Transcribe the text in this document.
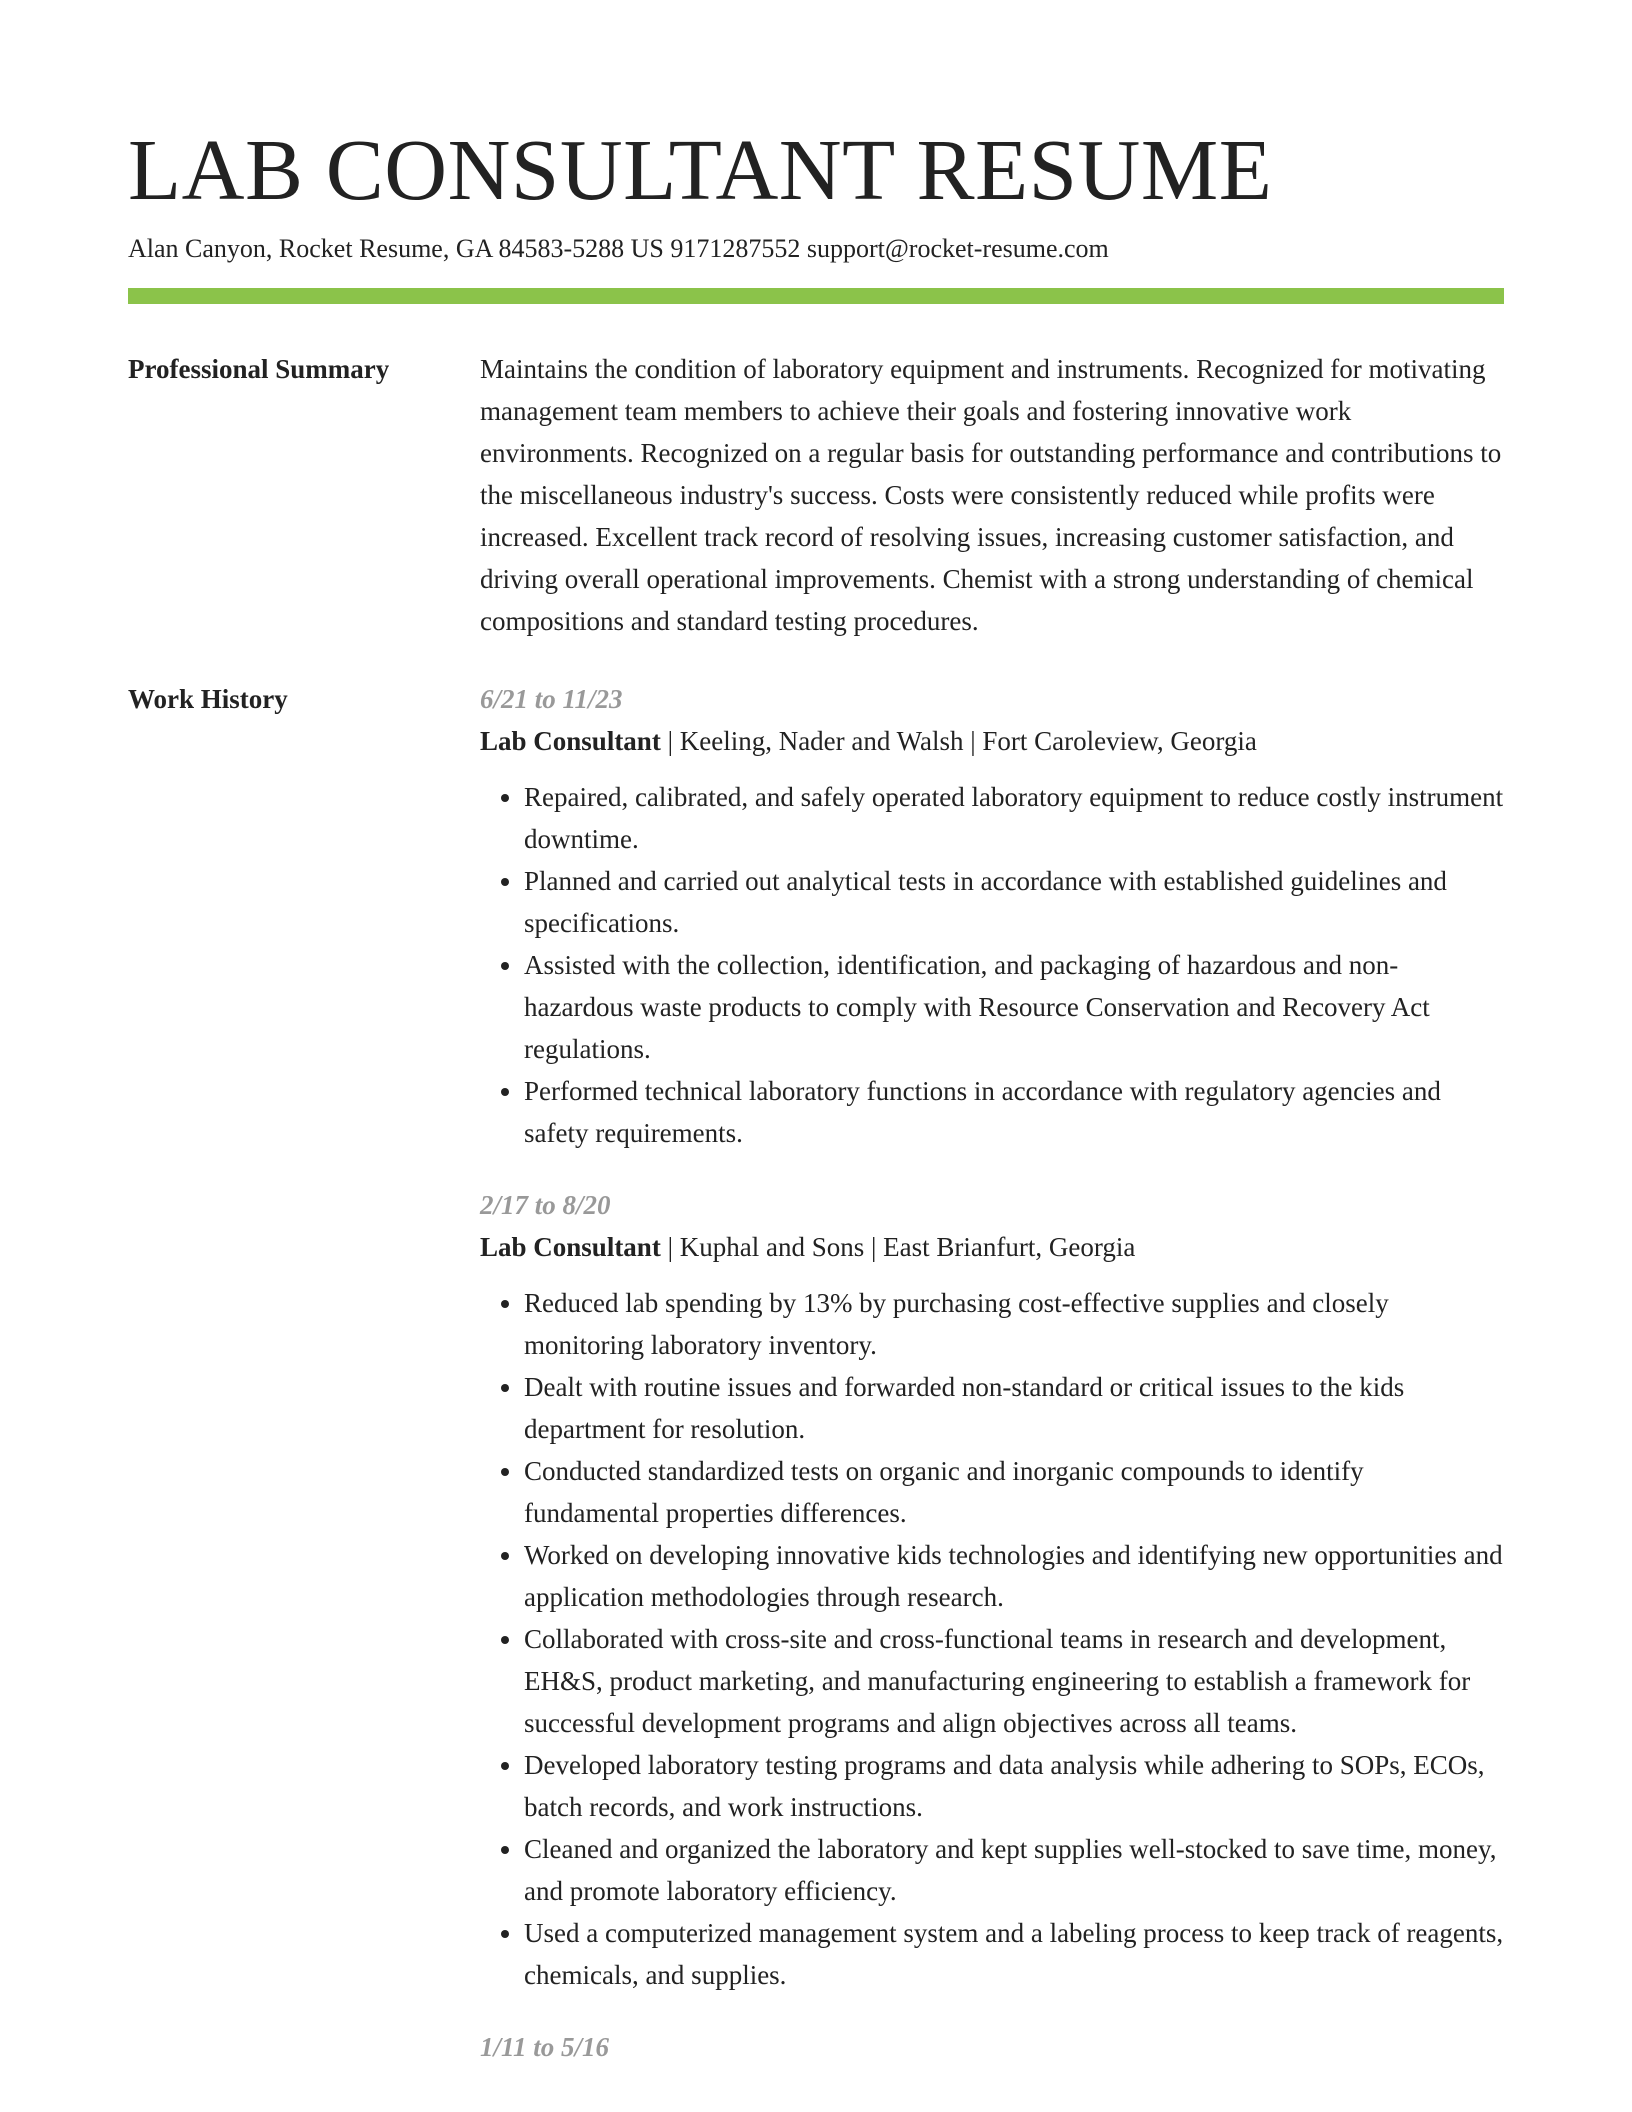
LAB CONSULTANT RESUME
Alan Canyon, Rocket Resume, GA 84583-5288 US 9171287552 support@rocket-resume.com
Professional Summary	Maintains the condition of laboratory equipment and instruments. Recognized for motivating management team members to achieve their goals and fostering innovative work environments. Recognized on a regular basis for outstanding performance and contributions to the miscellaneous industry's success. Costs were consistently reduced while profits were increased. Excellent track record of resolving issues, increasing customer satisfaction, and driving overall operational improvements. Chemist with a strong understanding of chemical compositions and standard testing procedures.
Work History	6/21 to 11/23
Lab Consultant | Keeling, Nader and Walsh | Fort Caroleview, Georgia
• Repaired, calibrated, and safely operated laboratory equipment to reduce costly instrument downtime.
• Planned and carried out analytical tests in accordance with established guidelines and specifications.
• Assisted with the collection, identification, and packaging of hazardous and non-hazardous waste products to comply with Resource Conservation and Recovery Act regulations.
• Performed technical laboratory functions in accordance with regulatory agencies and safety requirements.
2/17 to 8/20
Lab Consultant | Kuphal and Sons | East Brianfurt, Georgia
• Reduced lab spending by 13% by purchasing cost-effective supplies and closely monitoring laboratory inventory.
• Dealt with routine issues and forwarded non-standard or critical issues to the kids department for resolution.
• Conducted standardized tests on organic and inorganic compounds to identify fundamental properties differences.
• Worked on developing innovative kids technologies and identifying new opportunities and application methodologies through research.
• Collaborated with cross-site and cross-functional teams in research and development, EH&S, product marketing, and manufacturing engineering to establish a framework for successful development programs and align objectives across all teams.
• Developed laboratory testing programs and data analysis while adhering to SOPs, ECOs, batch records, and work instructions.
• Cleaned and organized the laboratory and kept supplies well-stocked to save time, money, and promote laboratory efficiency.
• Used a computerized management system and a labeling process to keep track of reagents, chemicals, and supplies.
1/11 to 5/16
